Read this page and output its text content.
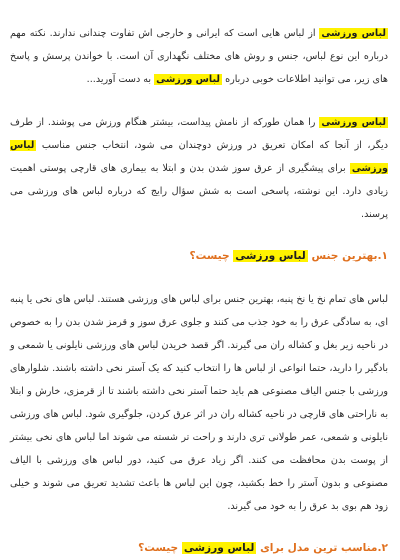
لباس ورزشی از لباس هایی است که ایرانی و خارجی اش تفاوت چندانی ندارند. نکته مهم درباره این نوع لباس، جنس و روش های مختلف نگهداری آن است. با خواندن پرسش و پاسخ های زیر، می توانید اطلاعات خوبی درباره لباس ورزشی به دست آورید...

لباس ورزشی را همان طورکه از نامش پیداست، بیشتر هنگام ورزش می پوشند. از طرف دیگر، از آنجا که امکان تعریق در ورزش دوچندان می شود، انتخاب جنس مناسب لباس ورزشی برای پیشگیری از عرق سوز شدن بدن و ابتلا به بیماری های قارچی پوستی اهمیت زیادی دارد. این نوشته، پاسخی است به شش سؤال رایج که درباره لباس های ورزشی می پرسند.

۱.بهترین جنس لباس ورزشی چیست؟

لباس های تمام نخ یا نخ پنبه، بهترین جنس برای لباس های ورزشی هستند. لباس های نخی یا پنبه ای، به سادگی عرق را به خود جذب می کنند و جلوی عرق سوز و قرمز شدن بدن را به خصوص در ناحیه زیر بغل و کشاله ران می گیرند. اگر قصد خریدن لباس های ورزشی نایلونی یا شمعی و بادگیر را دارید، حتما انواعی از لباس ها را انتخاب کنید که یک آستر نخی داشته باشند. شلوارهای ورزشی با جنس الیاف مصنوعی هم باید حتما آستر نخی داشته باشند تا از قرمزی، خارش و ابتلا به ناراحتی های قارچی در ناحیه کشاله ران در اثر عرق کردن، جلوگیری شود. لباس های ورزشی نایلونی و شمعی، عمر طولانی تری دارند و راحت تر شسته می شوند اما لباس های نخی بیشتر از پوست بدن محافظت می کنند. اگر زیاد عرق می کنید، دور لباس های ورزشی با الیاف مصنوعی و بدون آستر را خط بکشید، چون این لباس ها باعث تشدید تعریق می شوند و خیلی زود هم بوی بد عرق را به خود می گیرند.

۲.مناسب ترین مدل برای لباس ورزشی چیست؟
